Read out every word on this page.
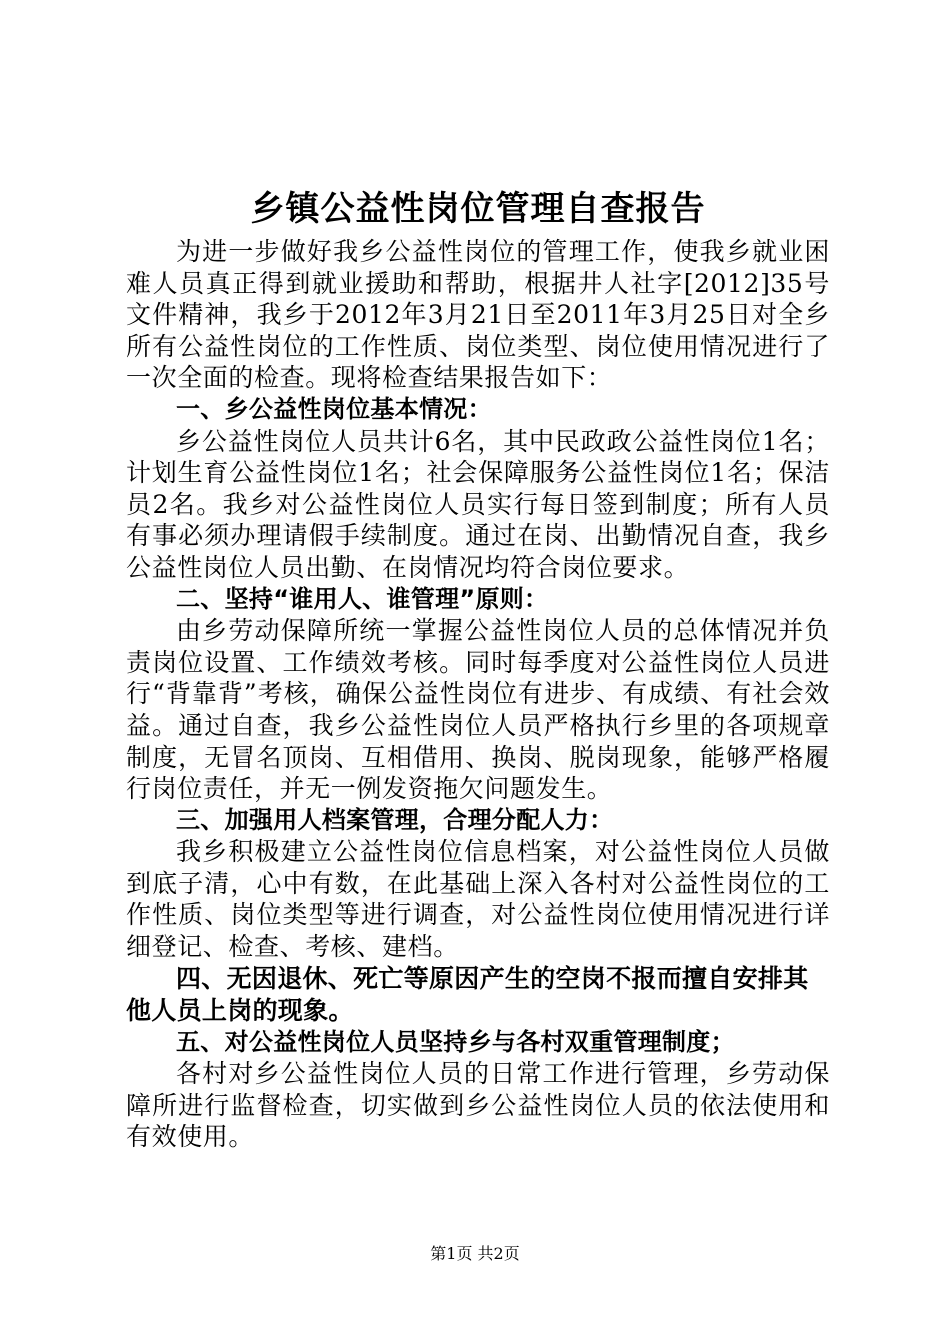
乡镇公益性岗位管理自查报告

为进一步做好我乡公益性岗位的管理工作，使我乡就业困难人员真正得到就业援助和帮助，根据井人社字[2012]35号文件精神，我乡于2012年3月21日至2011年3月25日对全乡所有公益性岗位的工作性质、岗位类型、岗位使用情况进行了一次全面的检查。现将检查结果报告如下：

一、乡公益性岗位基本情况：

乡公益性岗位人员共计6名，其中民政政公益性岗位1名；计划生育公益性岗位1名；社会保障服务公益性岗位1名；保洁员2名。我乡对公益性岗位人员实行每日签到制度；所有人员有事必须办理请假手续制度。通过在岗、出勤情况自查，我乡公益性岗位人员出勤、在岗情况均符合岗位要求。

二、坚持“谁用人、谁管理”原则：

由乡劳动保障所统一掌握公益性岗位人员的总体情况并负责岗位设置、工作绩效考核。同时每季度对公益性岗位人员进行“背靠背”考核，确保公益性岗位有进步、有成绩、有社会效益。通过自查，我乡公益性岗位人员严格执行乡里的各项规章制度，无冒名顶岗、互相借用、换岗、脱岗现象，能够严格履行岗位责任，并无一例发资拖欠问题发生。

三、加强用人档案管理，合理分配人力：

我乡积极建立公益性岗位信息档案，对公益性岗位人员做到底子清，心中有数，在此基础上深入各村对公益性岗位的工作性质、岗位类型等进行调查，对公益性岗位使用情况进行详细登记、检查、考核、建档。

四、无因退休、死亡等原因产生的空岗不报而擅自安排其他人员上岗的现象。

五、对公益性岗位人员坚持乡与各村双重管理制度；

各村对乡公益性岗位人员的日常工作进行管理，乡劳动保障所进行监督检查，切实做到乡公益性岗位人员的依法使用和有效使用。

第1页 共2页
